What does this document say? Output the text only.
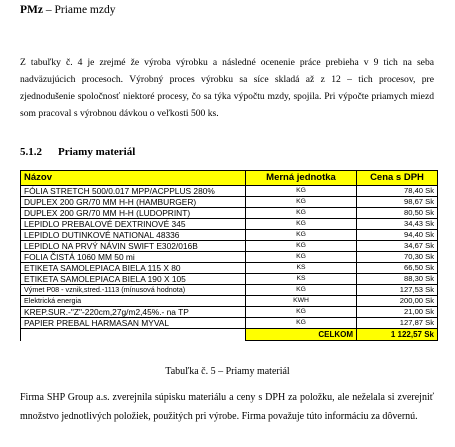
PMz – Priame mzdy
Z tabuľky č. 4 je zrejmé že výroba výrobku a následné ocenenie práce prebieha v 9 tich na seba nadväzujúcich procesoch. Výrobný proces výrobku sa síce skladá až z 12 – tich procesov, pre zjednodušenie spoločnosť niektoré procesy, čo sa týka výpočtu mzdy, spojila. Pri výpočte priamych miezd som pracoval s výrobnou dávkou o veľkosti 500 ks.
5.1.2 Priamy materiál
Názov	Merná jednotka	Cena s DPH
FÓLIA STRETCH 500/0.017 MPP/ACPPLUS 280%	KG	78,40 Sk
DUPLEX 200 GR/70 MM H-H (HAMBURGER)	KG	98,67 Sk
DUPLEX 200 GR/70 MM H-H (LUDOPRINT)	KG	80,50 Sk
LEPIDLO PREBALOVÉ DEXTRINOVÉ 345	KG	34,43 Sk
LEPIDLO DUTINKOVÉ NATIONAL 48336	KG	94,40 Sk
LEPIDLO NA PRVÝ NÁVIN SWIFT E302/016B	KG	34,67 Sk
FOLIA ČISTÁ 1060 MM 50 mi	KG	70,30 Sk
ETIKETA SAMOLEPIACA BIELA 115 X 80	KS	66,50 Sk
ETIKETA SAMOLEPIACA BIELA 190 X 105	KS	88,30 Sk
Výmet P08 - vznik,stred.-1113 (mínusová hodnota)	KG	127,53 Sk
Elektrická energia	KWH	200,00 Sk
KREP.SUR.-"Z"-220cm,27g/m2,45%.- na TP	KG	21,00 Sk
PAPIER PREBAL HARMASAN MYVAL	KG	127,87 Sk
	CELKOM	1 122,57 Sk
Tabuľka č. 5 – Priamy materiál
Firma SHP Group a.s. zverejnila súpisku materiálu a ceny s DPH za položku, ale neželala si zverejniť množstvo jednotlivých položiek, použitých pri výrobe. Firma považuje túto informáciu za dôvernú.
